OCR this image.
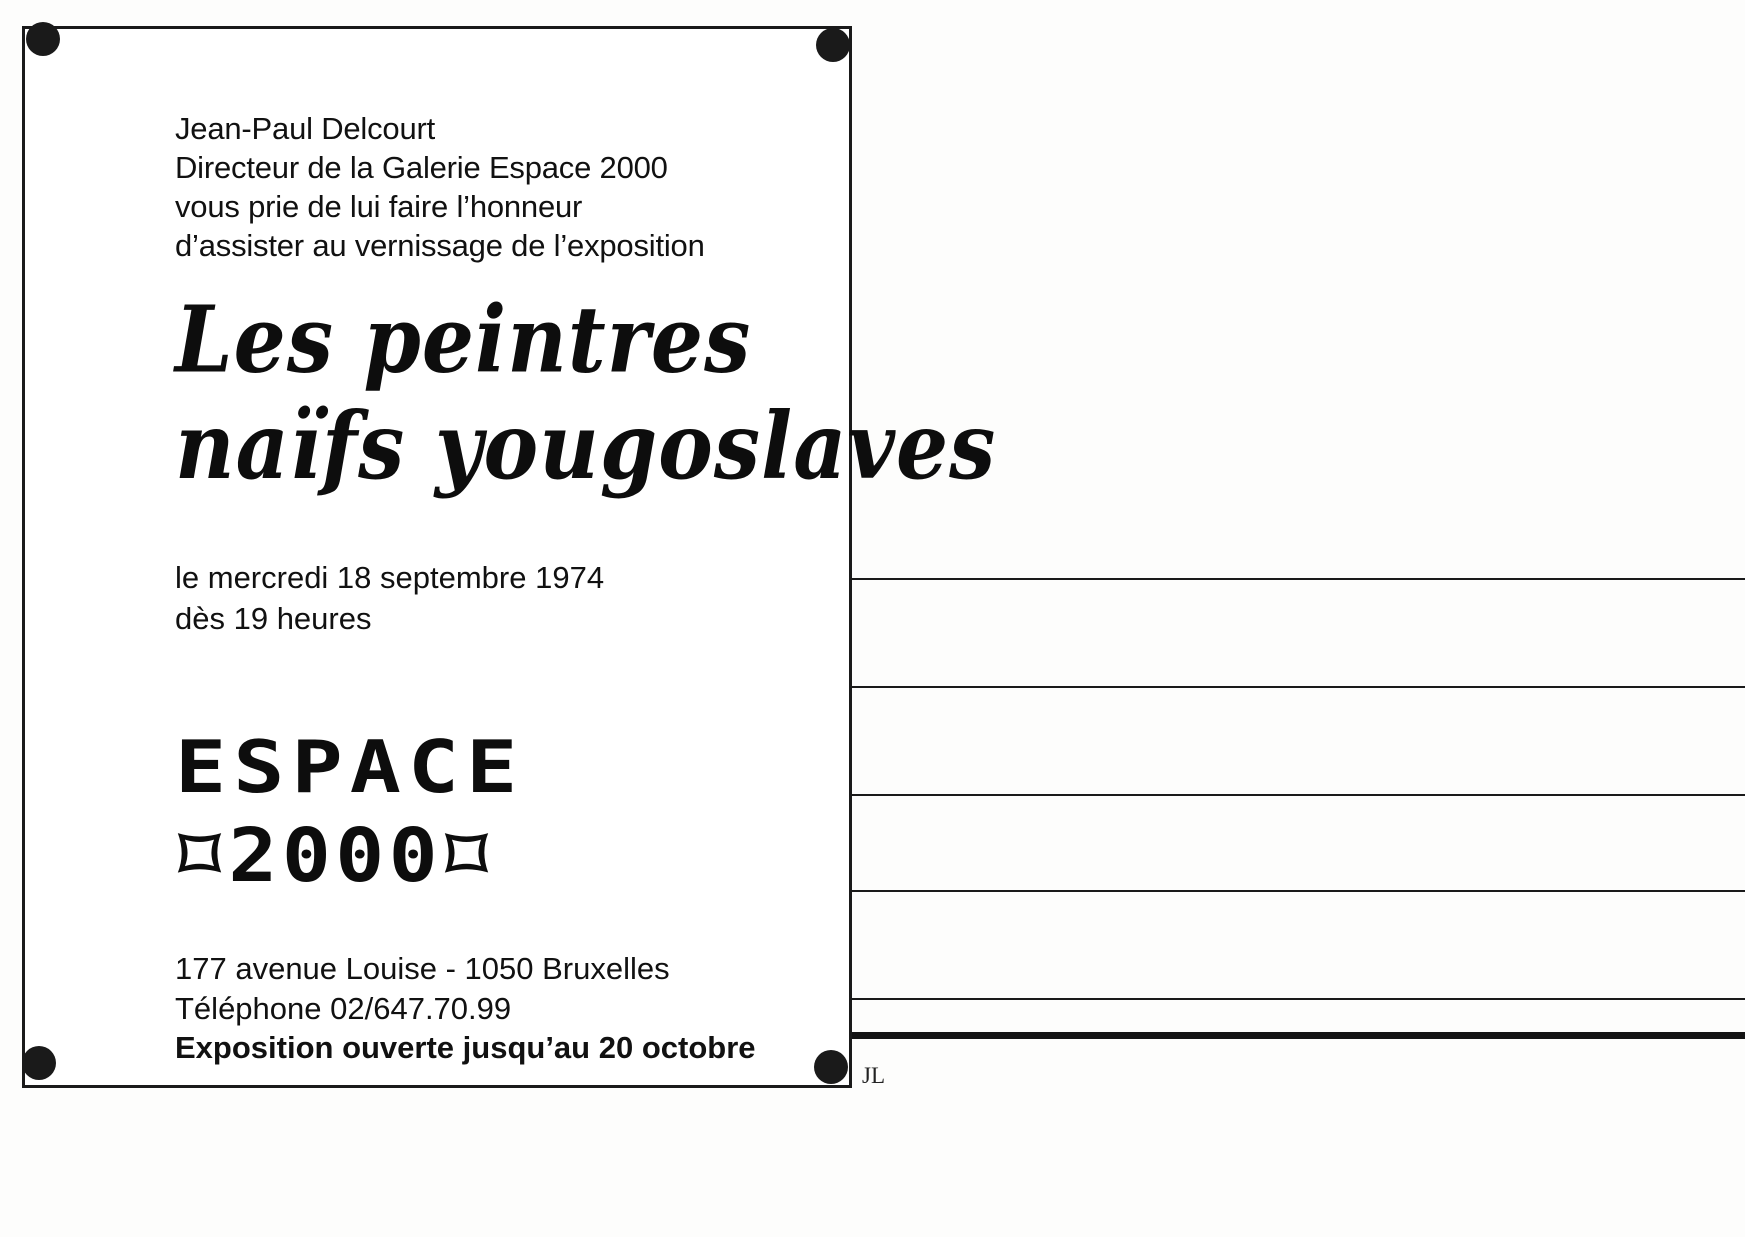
Jean-Paul Delcourt
Directeur de la Galerie Espace 2000
vous prie de lui faire l’honneur
d’assister au vernissage de l’exposition
Les peintres
naïfs yougoslaves
le mercredi 18 septembre 1974
dès 19 heures
ESPACE
⌑2000⌑
177 avenue Louise - 1050 Bruxelles
Téléphone 02/647.70.99
Exposition ouverte jusqu’au 20 octobre
JL
